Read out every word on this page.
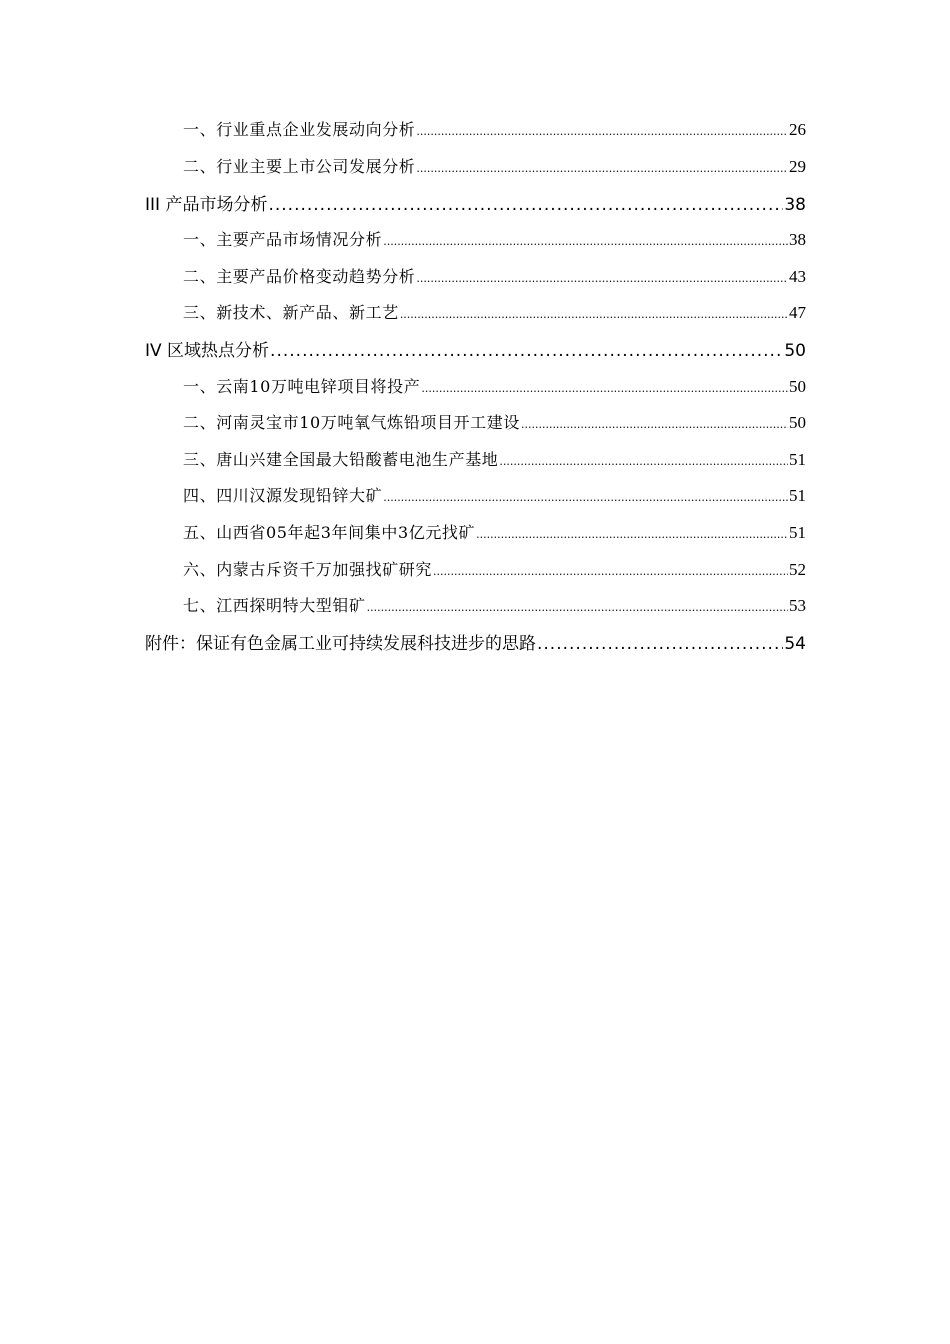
一、行业重点企业发展动向分析 .....	26
二、行业主要上市公司发展分析 .....	29
III 产品市场分析 .....	38
一、主要产品市场情况分析 .....	38
二、主要产品价格变动趋势分析 .....	43
三、新技术、新产品、新工艺 .....	47
IV 区域热点分析 .....	50
一、云南10万吨电锌项目将投产 .....	50
二、河南灵宝市10万吨氧气炼铅项目开工建设 .....	50
三、唐山兴建全国最大铅酸蓄电池生产基地 .....	51
四、四川汉源发现铅锌大矿 .....	51
五、山西省05年起3年间集中3亿元找矿 .....	51
六、内蒙古斥资千万加强找矿研究 .....	52
七、江西探明特大型钼矿 .....	53
附件：保证有色金属工业可持续发展科技进步的思路 .....	54
